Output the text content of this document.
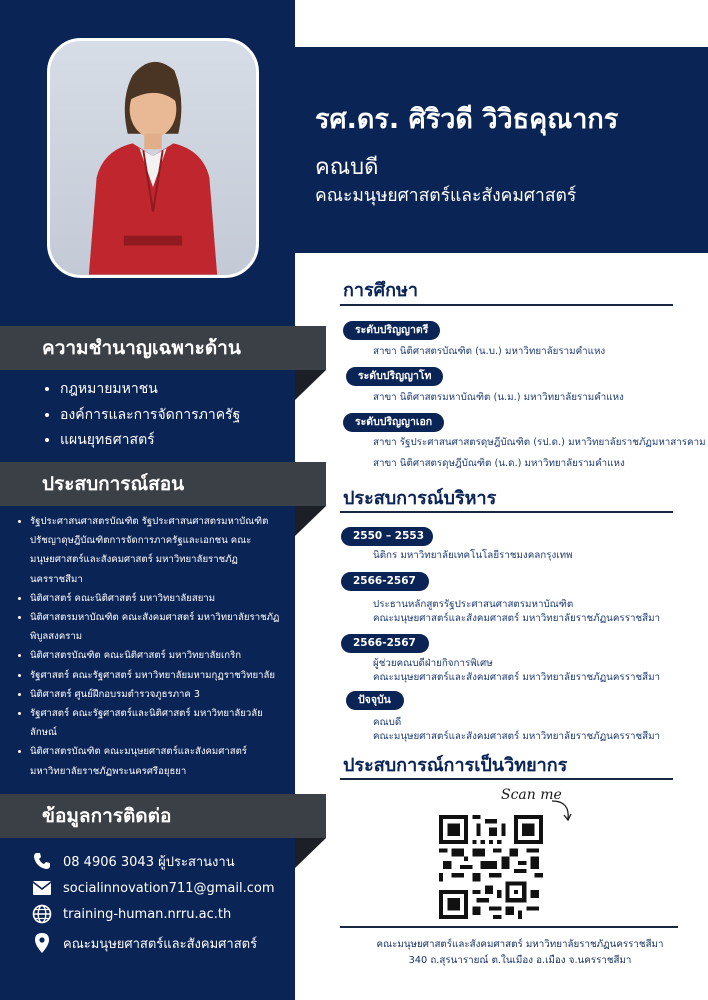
ความชำนาญเฉพาะด้าน
• กฎหมายมหาชน
• องค์การและการจัดการภาครัฐ
• แผนยุทธศาสตร์
ประสบการณ์สอน
• รัฐประศาสนศาสตรบัณฑิต รัฐประศาสนศาสตรมหาบัณฑิต
ปรัชญาดุษฎีบัณฑิตการจัดการภาครัฐและเอกชน คณะ
มนุษยศาสตร์และสังคมศาสตร์ มหาวิทยาลัยราชภัฏ
นครราชสีมา
• นิติศาสตร์ คณะนิติศาสตร์ มหาวิทยาลัยสยาม
• นิติศาสตรมหาบัณฑิต คณะสังคมศาสตร์ มหาวิทยาลัยราชภัฏ
พิบูลสงคราม
• นิติศาสตรบัณฑิต คณะนิติศาสตร์ มหาวิทยาลัยเกริก
• รัฐศาสตร์ คณะรัฐศาสตร์ มหาวิทยาลัยมหามกุฏราชวิทยาลัย
• นิติศาสตร์ ศูนย์ฝึกอบรมตำรวจภูธรภาค 3
• รัฐศาสตร์ คณะรัฐศาสตร์และนิติศาสตร์ มหาวิทยาลัยวลัย
ลักษณ์
• นิติศาสตรบัณฑิต คณะมนุษยศาสตร์และสังคมศาสตร์
มหาวิทยาลัยราชภัฏพระนครศรีอยุธยา
ข้อมูลการติดต่อ
08 4906 3043 ผู้ประสานงาน
socialinnovation711@gmail.com
training-human.nrru.ac.th
คณะมนุษยศาสตร์และสังคมศาสตร์
รศ.ดร. ศิริวดี วิวิธคุณากร
คณบดี
คณะมนุษยศาสตร์และสังคมศาสตร์
การศึกษา
ระดับปริญญาตรี
สาขา นิติศาสตรบัณฑิต (น.บ.) มหาวิทยาลัยรามคำแหง
ระดับปริญญาโท
สาขา นิติศาสตรมหาบัณฑิต (น.ม.) มหาวิทยาลัยรามคำแหง
ระดับปริญญาเอก
สาขา รัฐประศาสนศาสตรดุษฎีบัณฑิต (รป.ด.) มหาวิทยาลัยราชภัฏมหาสารคาม
สาขา นิติศาสตรดุษฎีบัณฑิต (น.ด.) มหาวิทยาลัยรามคำแหง
ประสบการณ์บริหาร
2550 – 2553
นิติกร มหาวิทยาลัยเทคโนโลยีราชมงคลกรุงเทพ
2566-2567
ประธานหลักสูตรรัฐประศาสนศาสตรมหาบัณฑิต
คณะมนุษยศาสตร์และสังคมศาสตร์ มหาวิทยาลัยราชภัฏนครราชสีมา
2566-2567
ผู้ช่วยคณบดีฝ่ายกิจการพิเศษ
คณะมนุษยศาสตร์และสังคมศาสตร์ มหาวิทยาลัยราชภัฏนครราชสีมา
ปัจจุบัน
คณบดี
คณะมนุษยศาสตร์และสังคมศาสตร์ มหาวิทยาลัยราชภัฏนครราชสีมา
ประสบการณ์การเป็นวิทยากร
Scan me
คณะมนุษยศาสตร์และสังคมศาสตร์ มหาวิทยาลัยราชภัฏนครราชสีมา
340 ถ.สุรนารายณ์ ต.ในเมือง อ.เมือง จ.นครราชสีมา
